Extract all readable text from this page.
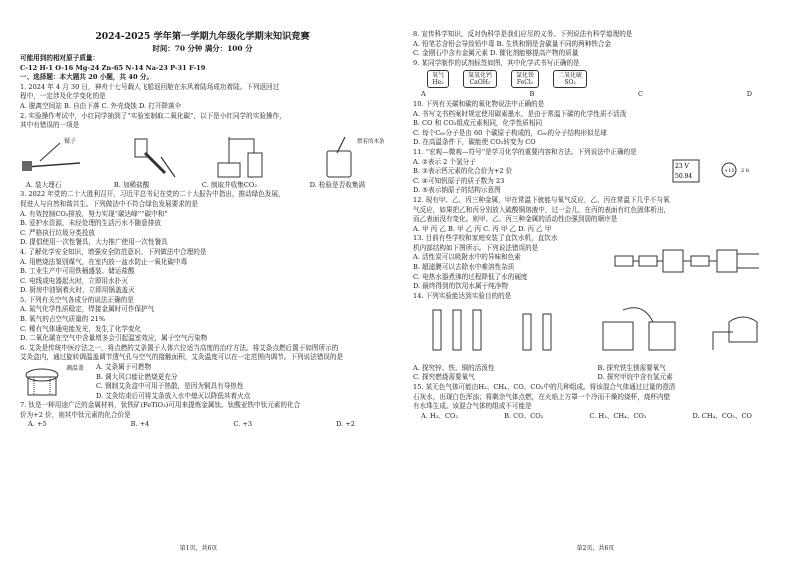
2024-2025 学年第一学期九年级化学期末知识竞赛
时间：70 分钟 满分：100 分
可能用到的相对原子质量：
C-12 H-1 O-16 Mg-24 Zn-65 N-14 Na-23 P-31 F-19
一、选择题：本大题共 20 小题，共 40 分。
1. 2024 年 4 月 30 日，神舟十七号载人飞船返回舱在东风着陆场成功着陆。下列返回过
程中，一定涉及化学变化的是
A. 脱离空间站 B. 自由下落 C. 外壳烧蚀 D. 打开降落伞
2. 实验操作考试中，小红同学抽到了“实验室制取二氧化碳”，以下是小红同学的实验操作，
其中有错误的一项是
镊子	燃着的木条
A. 装大理石	B. 加稀盐酸	C. 制取并收集CO₂	D. 检验是否收集满
3. 2022 年党的二十大胜利召开，习近平总书记在党的二十大报告中指出，推动绿色发展，
促进人与自然和谐共生。下列做法中不符合绿色发展要求的是
A. 有效控制CO₂排放，努力实现“碳达峰”“碳中和”
B. 爱护水资源，未经处理的生活污水不随意排放
C. 严格执行垃圾分类投放
D. 提倡使用一次性餐具，大力推广使用一次性餐具
4. 了解化学安全知识，增强安全防范意识。下列做法中合理的是
A. 用燃烧法鉴别煤气，在室内放一盆水防止一氧化碳中毒
B. 工业生产中可用铁桶盛装、储运盐酸
C. 电线或电器起火时，立即用水扑灭
D. 厨房中油锅着火时，立即用锅盖盖灭
5. 下列有关空气各成分的说法正确的是
A. 氮气化学性质稳定，焊接金属时可作保护气
B. 氧气的占空气质量的 21%
C. 稀有气体通电能发光，发生了化学变化
D. 二氧化碳在空气中含量增多会引起温室效应，属于空气污染物
6. 艾灸是传统中医疗法之一，将点燃的艾条置于人体穴位适当高度的治疗方法。将艾条点燃后置于如图所示的
艾灸盒内，通过旋转调温盖调节透气孔与空气的接触面积，艾灸温度可以在一定范围内调节。下列说法错误的是
调温盖 A. 艾条属于可燃物
B. 调大风口能让燃烧更充分
C. 钢制艾灸盒中可用于热散，是因为铜具有导热性
D. 艾灸结束后可将艾条放入水中熄灭以降低其着火点
7. 钛是一种用途广泛的金属材料，钛铁矿(FeTiO₃)可用来提炼金属钛。钛酸亚铁中钛元素的化合
价为+2 价，则其中钛元素的化合价是
A. +5	B. +4	C. +3	D. +2
第1页，共6页
8. 宣传科学知识，反对伪科学是我们应尽的义务。下列说法有科学道理的是
A. 铅笔芯含铅会导致铅中毒 B. 生铁和钢是含碳量不同的两种铁合金
C. 金刚石中含有金属元素 D. 催化剂能够提高产物的质量
9. 某同学制作的试剂标签如图，其中化学式书写正确的是
氧气
He₂
氢氧化钙
CaOH₂
氯化铁
FeCl₂
二氧化硫
SO₂
A	B	C	D
10. 下列有关碳和碳的氧化物说法中正确的是
A. 书写文书档案时规定使用碳素墨水，是由于常温下碳的化学性质不活泼
B. CO 和 CO₂组成元素相同，化学性质相同
C. 每个C₆₀分子是由 60 个碳原子构成的，C₆₀的分子结构形似足球
D. 在高温条件下，碳能使 CO₂转变为 CO
11. “宏观—微观—符号”是学习化学的重要内容和方法。下列说法中正确的是
A. ②表示 2 个氢分子
B. ③表示钙元素的化合价为+2 价
C. ④可知钒原子的质子数为 23
D. ⑤表示钠原子的结构示意图
23 V
50.94
+11 2 8
12. 现有甲、乙、丙三种金属，甲在常温下就能与氧气反应，乙、丙在常温下几乎不与氧
气反应，如果把乙和丙分别放入硫酸铜溶液中，过一会儿，在丙的表面有红色固体析出，
而乙表面没有变化。则甲、乙、丙三种金属的活动性由强到弱的顺序是
A. 甲 丙 乙 B. 甲 乙 丙 C. 丙 甲 乙 D. 丙 乙 甲
13. 目前有些学校和家庭安装了直饮水机，直饮水
机内部结构如下图所示。下列说法错误的是
A. 活性炭可以吸附水中的异味和色素
B. 超滤膜可以去除水中难溶性杂质
C. 电热水器煮沸的过程降低了水的硬度
D. 最终得到的饮用水属于纯净物
14. 下列实验能达到实验目的的是
A. 探究锌、铁、铜的活泼性	B. 探究铁生锈需要氧气
C. 探究燃烧需要氧气	D. 探究甲烷中含有氢元素
15. 某无色气体可能由H₂、CH₄、CO、CO₂中的几种组成。将该混合气体通过过量的澄清
石灰水，出现白色浑浊；将剩余气体点燃，在火焰上方罩一个冷而干燥的烧杯，烧杯内壁
有水珠生成。该混合气体的组成不可能是
A. H₂、CO₂	B. CO、CO₂	C. H₂、CH₄、CO₂	D. CH₄、CO₂、CO
第2页，共6页
